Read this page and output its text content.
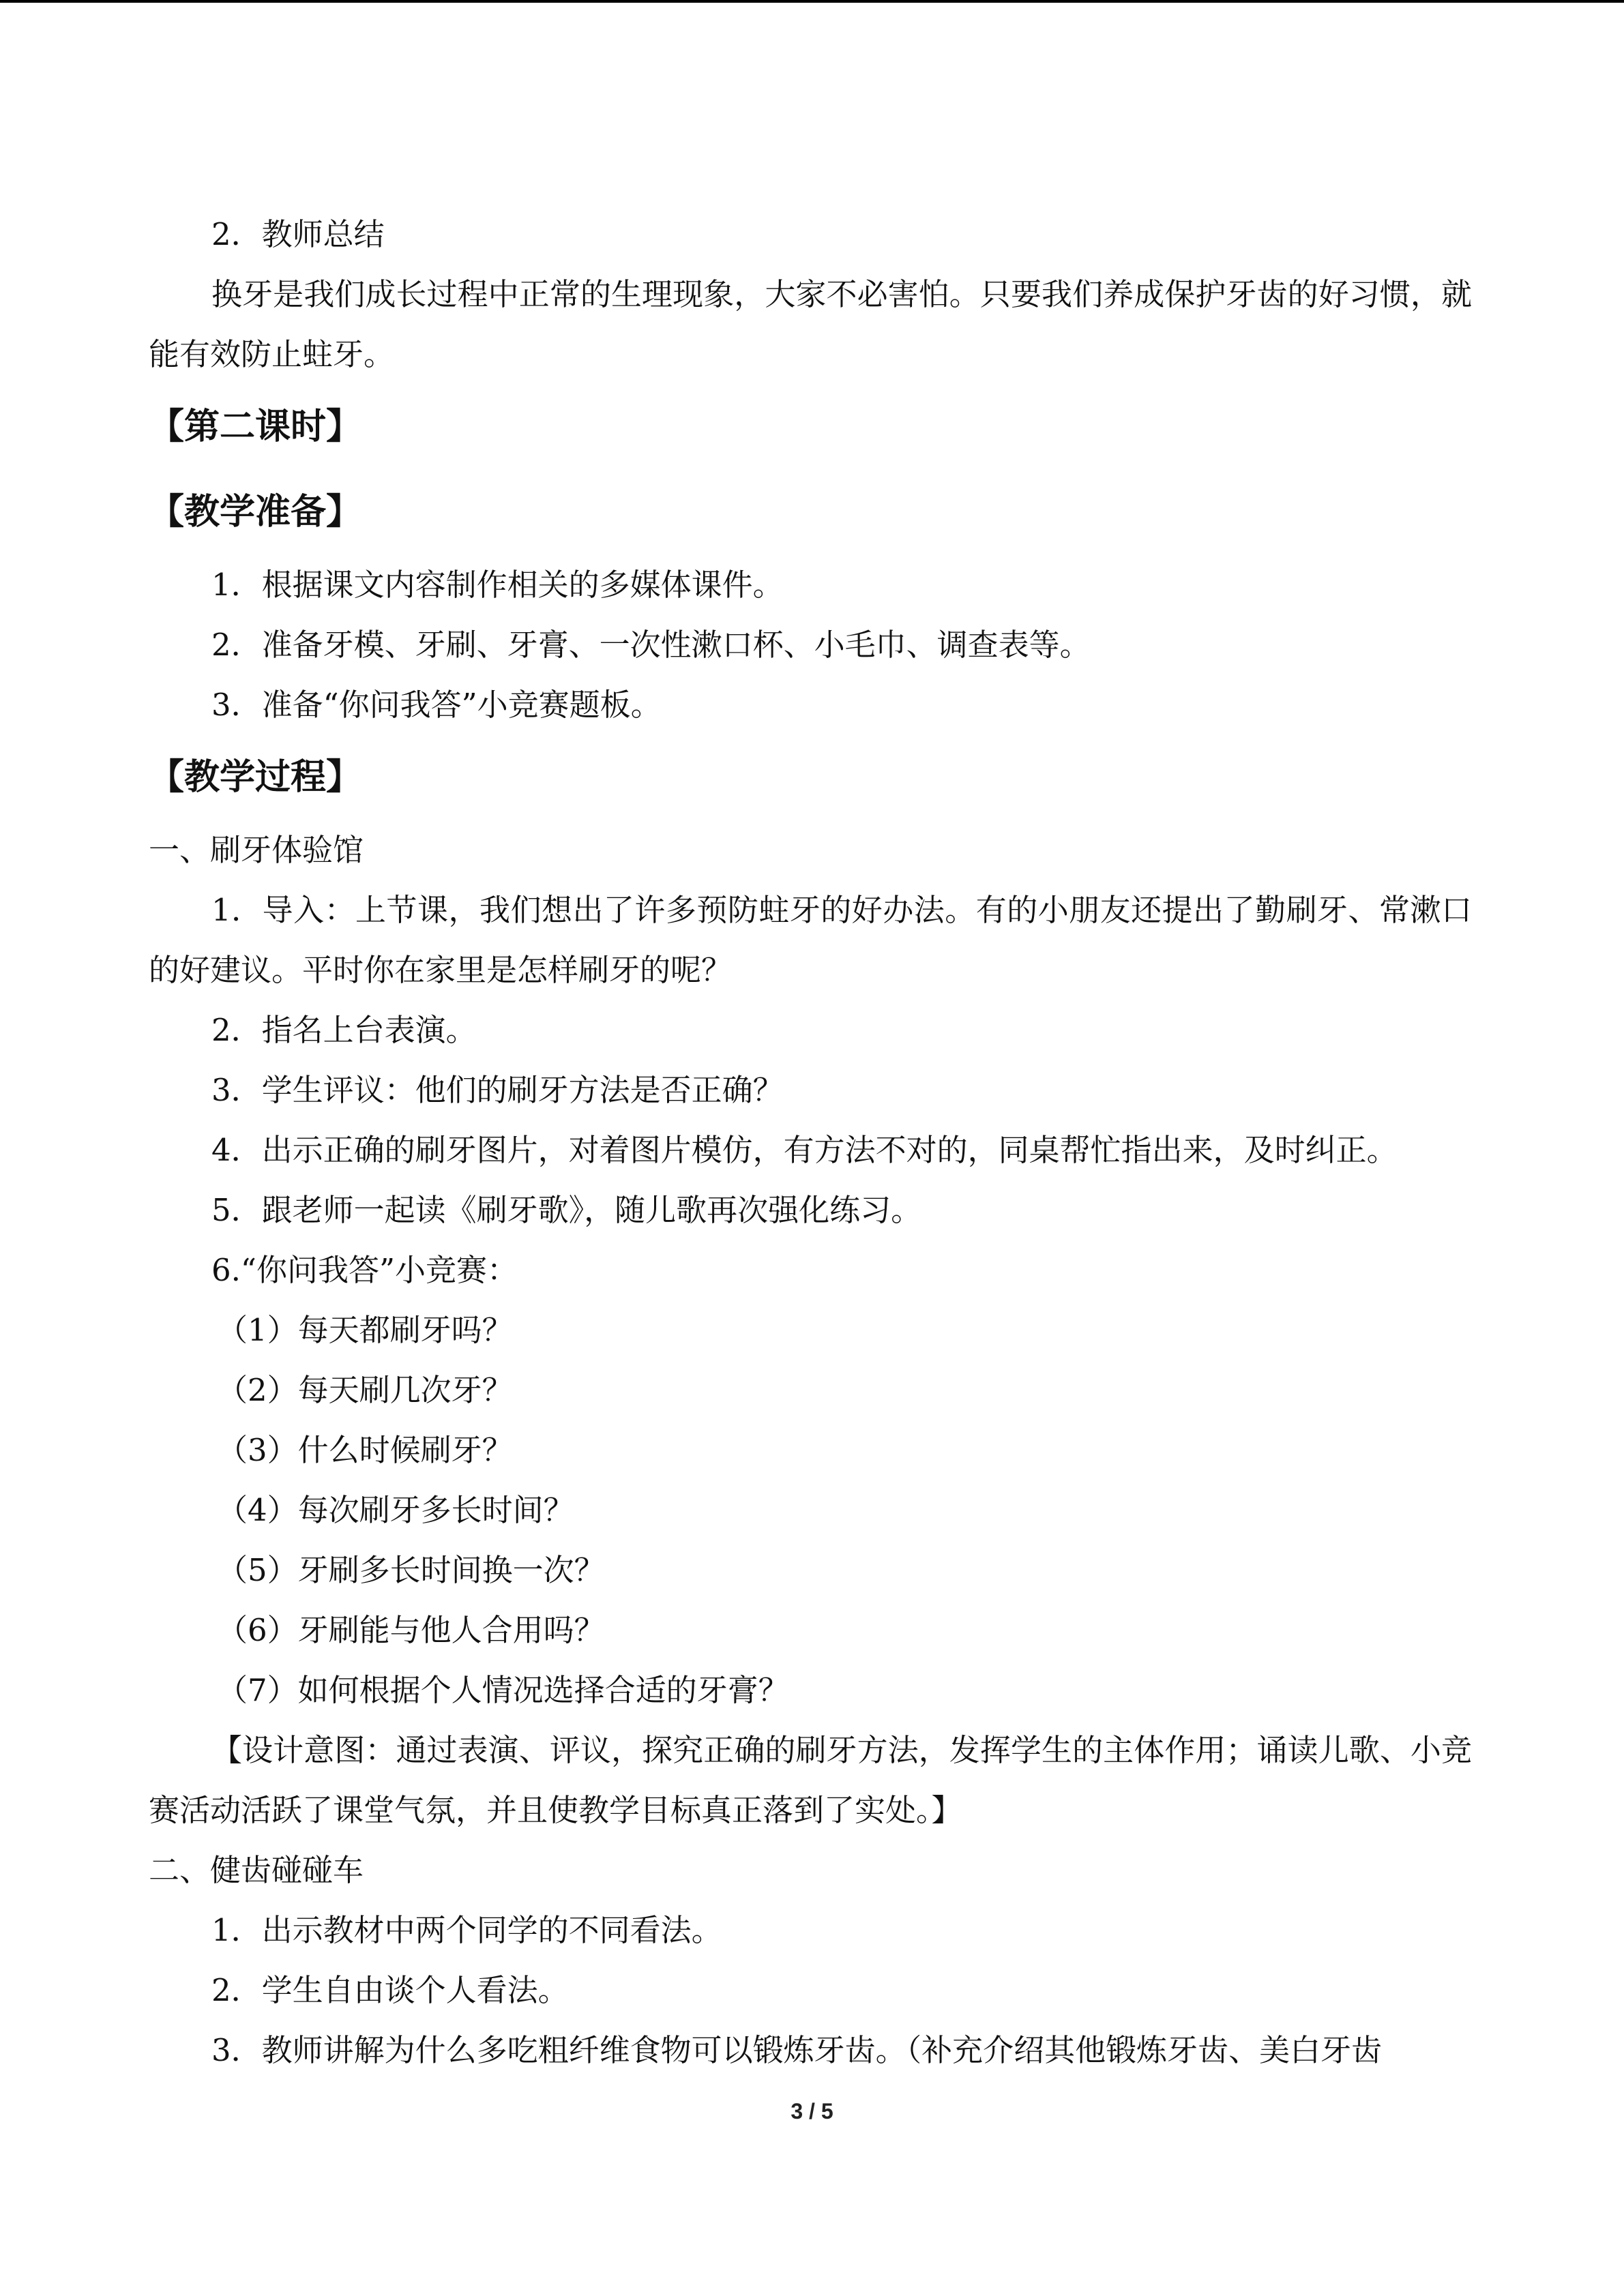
2．教师总结

换牙是我们成长过程中正常的生理现象，大家不必害怕。只要我们养成保护牙齿的好习惯，就能有效防止蛀牙。

【第二课时】

【教学准备】

1．根据课文内容制作相关的多媒体课件。

2．准备牙模、牙刷、牙膏、一次性漱口杯、小毛巾、调查表等。

3．准备“你问我答”小竞赛题板。

【教学过程】

一、刷牙体验馆

1．导入：上节课，我们想出了许多预防蛀牙的好办法。有的小朋友还提出了勤刷牙、常漱口的好建议。平时你在家里是怎样刷牙的呢？

2．指名上台表演。

3．学生评议：他们的刷牙方法是否正确？

4．出示正确的刷牙图片，对着图片模仿，有方法不对的，同桌帮忙指出来，及时纠正。

5．跟老师一起读《刷牙歌》，随儿歌再次强化练习。

6.“你问我答”小竞赛：

（1）每天都刷牙吗？

（2）每天刷几次牙？

（3）什么时候刷牙？

（4）每次刷牙多长时间？

（5）牙刷多长时间换一次？

（6）牙刷能与他人合用吗？

（7）如何根据个人情况选择合适的牙膏？

【设计意图：通过表演、评议，探究正确的刷牙方法，发挥学生的主体作用；诵读儿歌、小竞赛活动活跃了课堂气氛，并且使教学目标真正落到了实处。】

二、健齿碰碰车

1．出示教材中两个同学的不同看法。

2．学生自由谈个人看法。

3．教师讲解为什么多吃粗纤维食物可以锻炼牙齿。（补充介绍其他锻炼牙齿、美白牙齿

3 / 5
